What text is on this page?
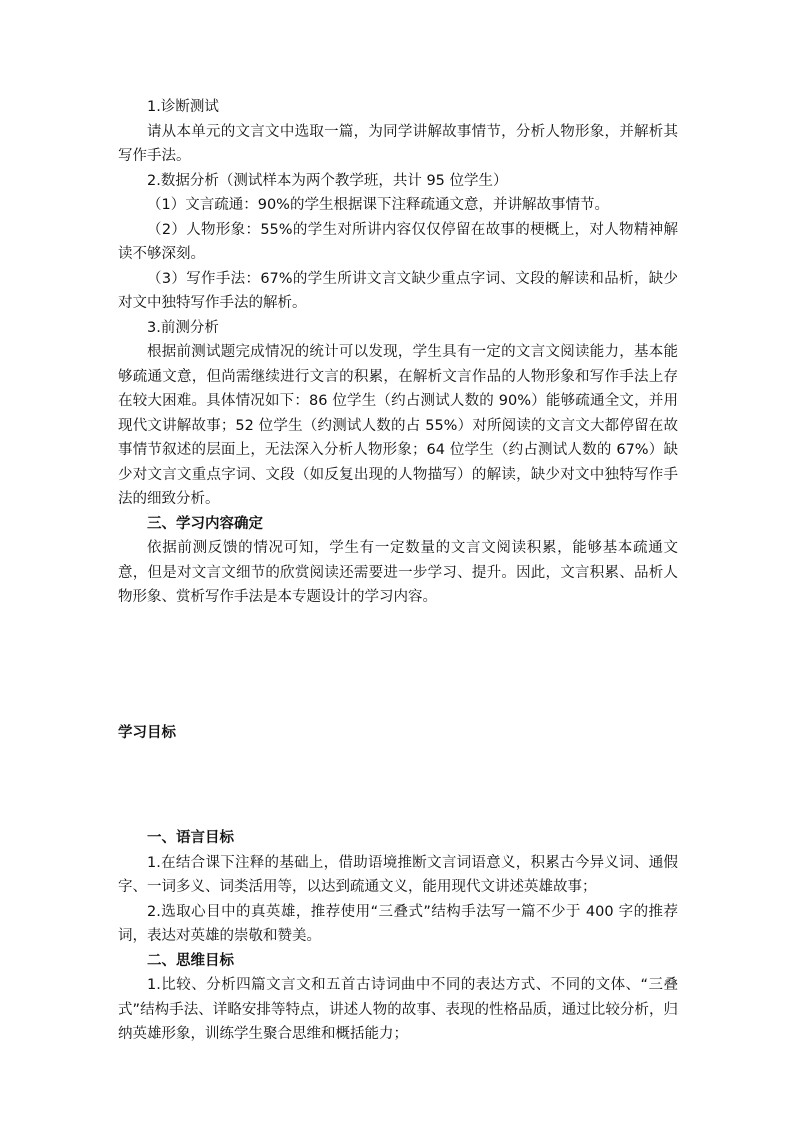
1.诊断测试

请从本单元的文言文中选取一篇，为同学讲解故事情节，分析人物形象，并解析其写作手法。

2.数据分析（测试样本为两个教学班，共计 95 位学生）

（1）文言疏通：90%的学生根据课下注释疏通文意，并讲解故事情节。

（2）人物形象：55%的学生对所讲内容仅仅停留在故事的梗概上，对人物精神解读不够深刻。

（3）写作手法：67%的学生所讲文言文缺少重点字词、文段的解读和品析，缺少对文中独特写作手法的解析。

3.前测分析

根据前测试题完成情况的统计可以发现，学生具有一定的文言文阅读能力，基本能够疏通文意，但尚需继续进行文言的积累，在解析文言作品的人物形象和写作手法上存在较大困难。具体情况如下：86 位学生（约占测试人数的 90%）能够疏通全文，并用现代文讲解故事；52 位学生（约测试人数的占 55%）对所阅读的文言文大都停留在故事情节叙述的层面上，无法深入分析人物形象；64 位学生（约占测试人数的 67%）缺少对文言文重点字词、文段（如反复出现的人物描写）的解读，缺少对文中独特写作手法的细致分析。

三、学习内容确定

依据前测反馈的情况可知，学生有一定数量的文言文阅读积累，能够基本疏通文意，但是对文言文细节的欣赏阅读还需要进一步学习、提升。因此，文言积累、品析人物形象、赏析写作手法是本专题设计的学习内容。

学习目标

一、语言目标

1.在结合课下注释的基础上，借助语境推断文言词语意义，积累古今异义词、通假字、一词多义、词类活用等，以达到疏通文义，能用现代文讲述英雄故事；

2.选取心目中的真英雄，推荐使用“三叠式”结构手法写一篇不少于 400 字的推荐词，表达对英雄的崇敬和赞美。

二、思维目标

1.比较、分析四篇文言文和五首古诗词曲中不同的表达方式、不同的文体、“三叠式”结构手法、详略安排等特点，讲述人物的故事、表现的性格品质，通过比较分析，归纳英雄形象，训练学生聚合思维和概括能力；
